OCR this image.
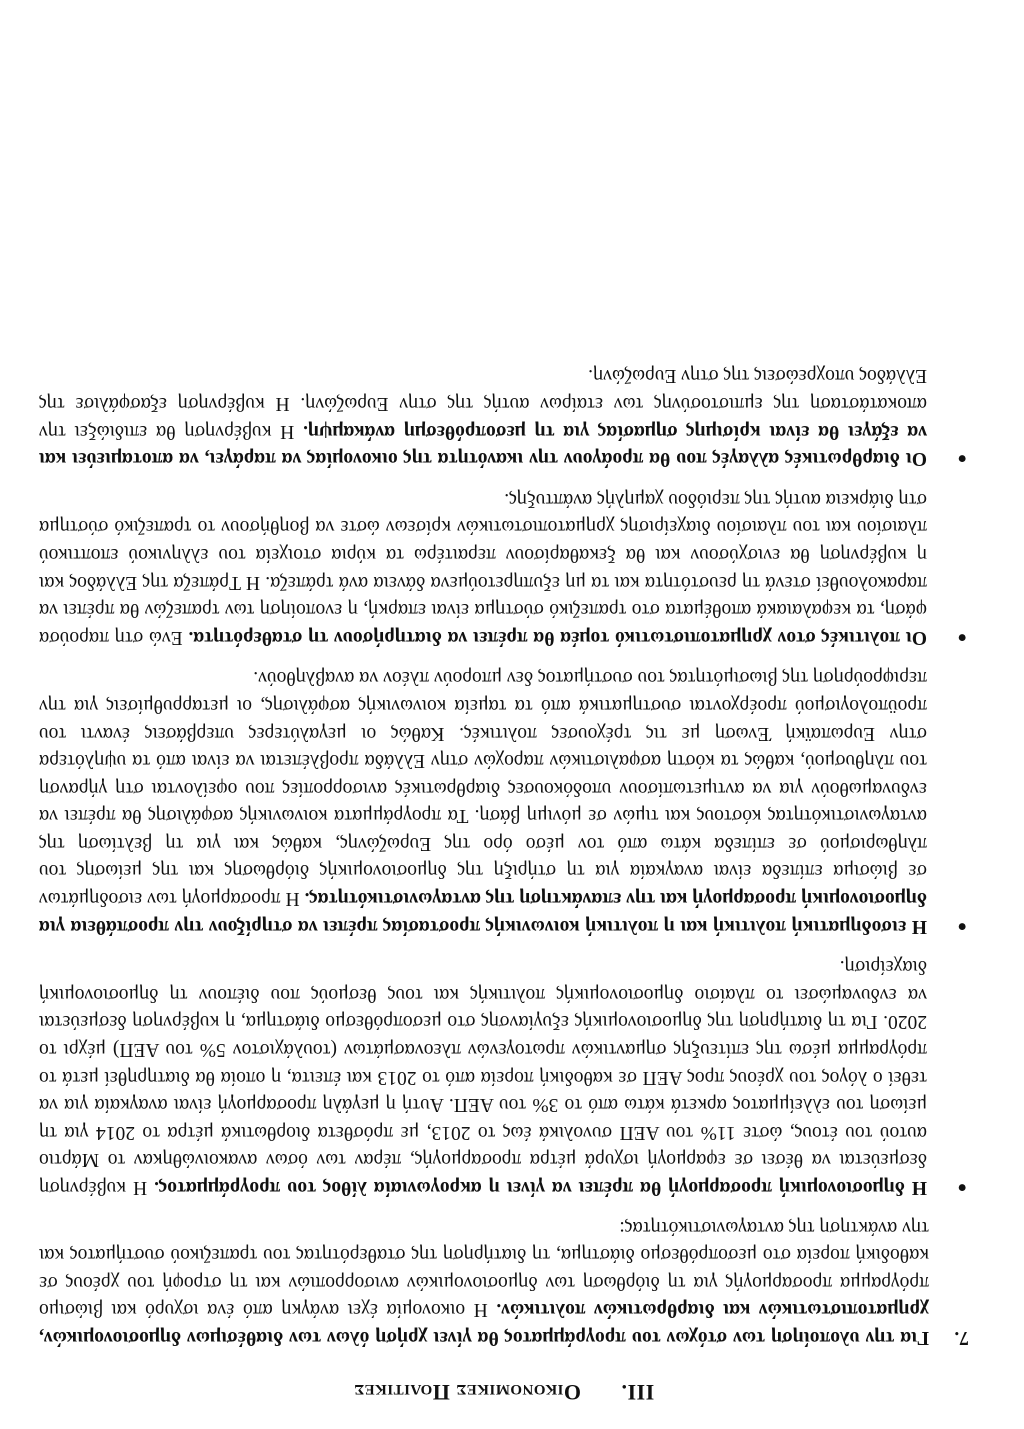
III. Οικονομικες Πολιτικες
7.
Για την υλοποίηση των στόχων του προγράμματος θα γίνει χρήση όλων των διαθέσιμων δημοσιονομικών, χρηματοπιστωτικών και διαρθρωτικών πολιτικών. Η οικονομία έχει ανάγκη από ένα ισχυρό και βιώσιμο πρόγραμμα προσαρμογής για τη διόρθωση των δημοσιονομικών ανισορροπιών και τη στροφή του χρέους σε καθοδική πορεία στο μεσοπρόθεσμο διάστημα, τη διατήρηση της σταθερότητας του τραπεζικού συστήματος και την ανάκτηση της ανταγωνιστικότητας:
●
Η δημοσιονομική προσαρμογή θα πρέπει να γίνει η ακρογωνιαία λίθος του προγράμματος. Η κυβέρνηση δεσμεύεται να θέσει σε εφαρμογή ισχυρά μέτρα προσαρμογής, πέραν των όσων ανακοινώθηκαν το Μάρτιο αυτού του έτους, ώστε 11% του ΑΕΠ συνολικά έως το 2013, με πρόσθετα διορθωτικά μέτρα το 2014 για τη μείωση του ελλείμματος αρκετά κάτω από το 3% του ΑΕΠ. Αυτή η μεγάλη προσαρμογή είναι αναγκαία για να τεθεί ο λόγος του χρέους προς ΑΕΠ σε καθοδική πορεία από το 2013 και έπειτα, η οποία θα διατηρηθεί μετά το πρόγραμμα μέσω της επίτευξης σημαντικών πρωτογενών πλεονασμάτων (τουλάχιστον 5% του ΑΕΠ) μέχρι το 2020. Για τη διατήρηση της δημοσιονομικής εξυγίανσης στο μεσοπρόθεσμο διάστημα, η κυβέρνηση δεσμεύεται να ενδυναμώσει το πλαίσιο δημοσιονομικής πολιτικής και τους θεσμούς που διέπουν τη δημοσιονομική διαχείριση.
●
Η εισοδηματική πολιτική και η πολιτική κοινωνικής προστασίας πρέπει να στηρίξουν την προσπάθεια για δημοσιονομική προσαρμογή και την επανάκτηση της ανταγωνιστικότητας. Η προσαρμογή των εισοδημάτων σε βιώσιμα επίπεδα είναι αναγκαία για τη στήριξη της δημοσιονομικής διόρθωσης και της μείωσης του πληθωρισμού σε επίπεδα κάτω από τον μέσο όρο της Ευρωζώνης, καθώς και για τη βελτίωση της ανταγωνιστικότητας κόστους και τιμών σε μόνιμη βάση. Τα προγράμματα κοινωνικής ασφάλισης θα πρέπει να ενδυναμωθούν για να αντιμετωπίσουν υποδόκουσες διαρθρωτικές ανισορροπίες που οφείλονται στη γήρανση του πληθυσμού, καθώς τα κόστη ασφαλιστικών παροχών στην Ελλάδα προβλέπεται να είναι από τα υψηλότερα στην Ευρωπαϊκή Ένωση με τις τρέχουσες πολιτικές. Καθώς οι μεγαλύτερες υπερβάσεις έναντι του προϋπολογισμού προέρχονται συστηματικά από τα ταμεία κοινωνικής ασφάλισης, οι μεταρρυθμίσεις για την περιφρούρηση της βιωσιμότητας του συστήματος δεν μπορούν πλέον να αναβληθούν.
●
Οι πολιτικές στον χρηματοπιστωτικό τομέα θα πρέπει να διατηρήσουν τη σταθερότητα. Ενώ στη παρούσα φάση, τα κεφαλαιακά αποθέματα στο τραπεζικό σύστημα είναι επαρκή, η ενοποίηση των τραπεζών θα πρέπει να παρακολουθεί στενά τη ρευστότητα και τα μη εξυπηρετούμενα δάνεια ανά τράπεζα. Η Τράπεζα της Ελλάδος και η κυβέρνηση θα ενισχύσουν και θα ξεκαθαρίσουν περαιτέρω τα κύρια στοιχεία του ελληνικού εποπτικού πλαισίου και του πλαισίου διαχείρισης χρηματοπιστωτικών κρίσεων ώστε να βοηθήσουν το τραπεζικό σύστημα στη διάρκεια αυτής της περιόδου χαμηλής ανάπτυξης.
●
Οι διαρθρωτικές αλλαγές που θα προάγουν την ικανότητα της οικονομίας να παράγει, να αποταμιεύει και να εξάγει θα είναι κρίσιμης σημασίας για τη μεσοπρόθεσμη ανάκαμψη. Η κυβέρνηση θα επιδιώξει την αποκατάσταση της εμπιστοσύνης των εταίρων αυτής της στην Ευρωζώνη. Η κυβέρνηση εξασφάλισε της Ελλάδος υποχρεώσεις της στην Ευρωζώνη.
